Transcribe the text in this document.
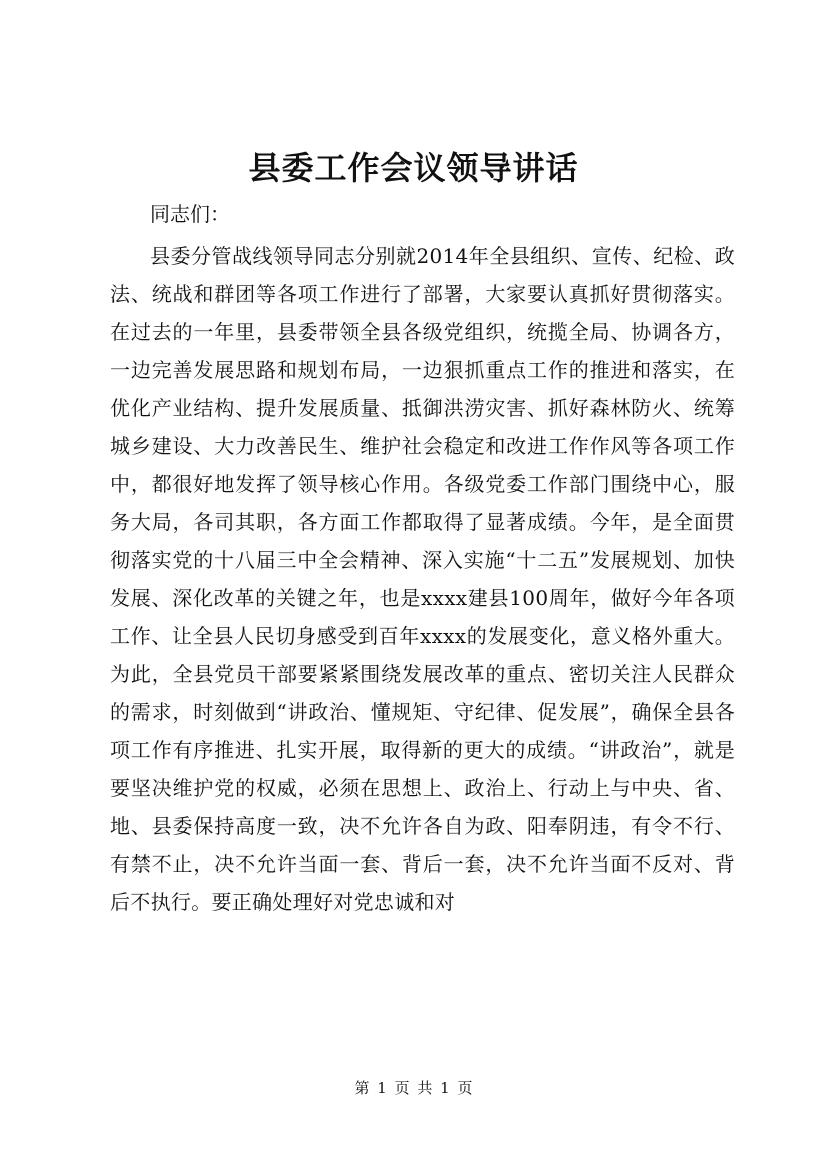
县委工作会议领导讲话

同志们：

县委分管战线领导同志分别就2014年全县组织、宣传、纪检、政法、统战和群团等各项工作进行了部署，大家要认真抓好贯彻落实。在过去的一年里，县委带领全县各级党组织，统揽全局、协调各方，一边完善发展思路和规划布局，一边狠抓重点工作的推进和落实，在优化产业结构、提升发展质量、抵御洪涝灾害、抓好森林防火、统筹城乡建设、大力改善民生、维护社会稳定和改进工作作风等各项工作中，都很好地发挥了领导核心作用。各级党委工作部门围绕中心，服务大局，各司其职，各方面工作都取得了显著成绩。今年，是全面贯彻落实党的十八届三中全会精神、深入实施“十二五”发展规划、加快发展、深化改革的关键之年，也是xxxx建县100周年，做好今年各项工作、让全县人民切身感受到百年xxxx的发展变化，意义格外重大。为此，全县党员干部要紧紧围绕发展改革的重点、密切关注人民群众的需求，时刻做到“讲政治、懂规矩、守纪律、促发展”，确保全县各项工作有序推进、扎实开展，取得新的更大的成绩。“讲政治”，就是要坚决维护党的权威，必须在思想上、政治上、行动上与中央、省、地、县委保持高度一致，决不允许各自为政、阳奉阴违，有令不行、有禁不止，决不允许当面一套、背后一套，决不允许当面不反对、背后不执行。要正确处理好对党忠诚和对

第 1 页 共 1 页
